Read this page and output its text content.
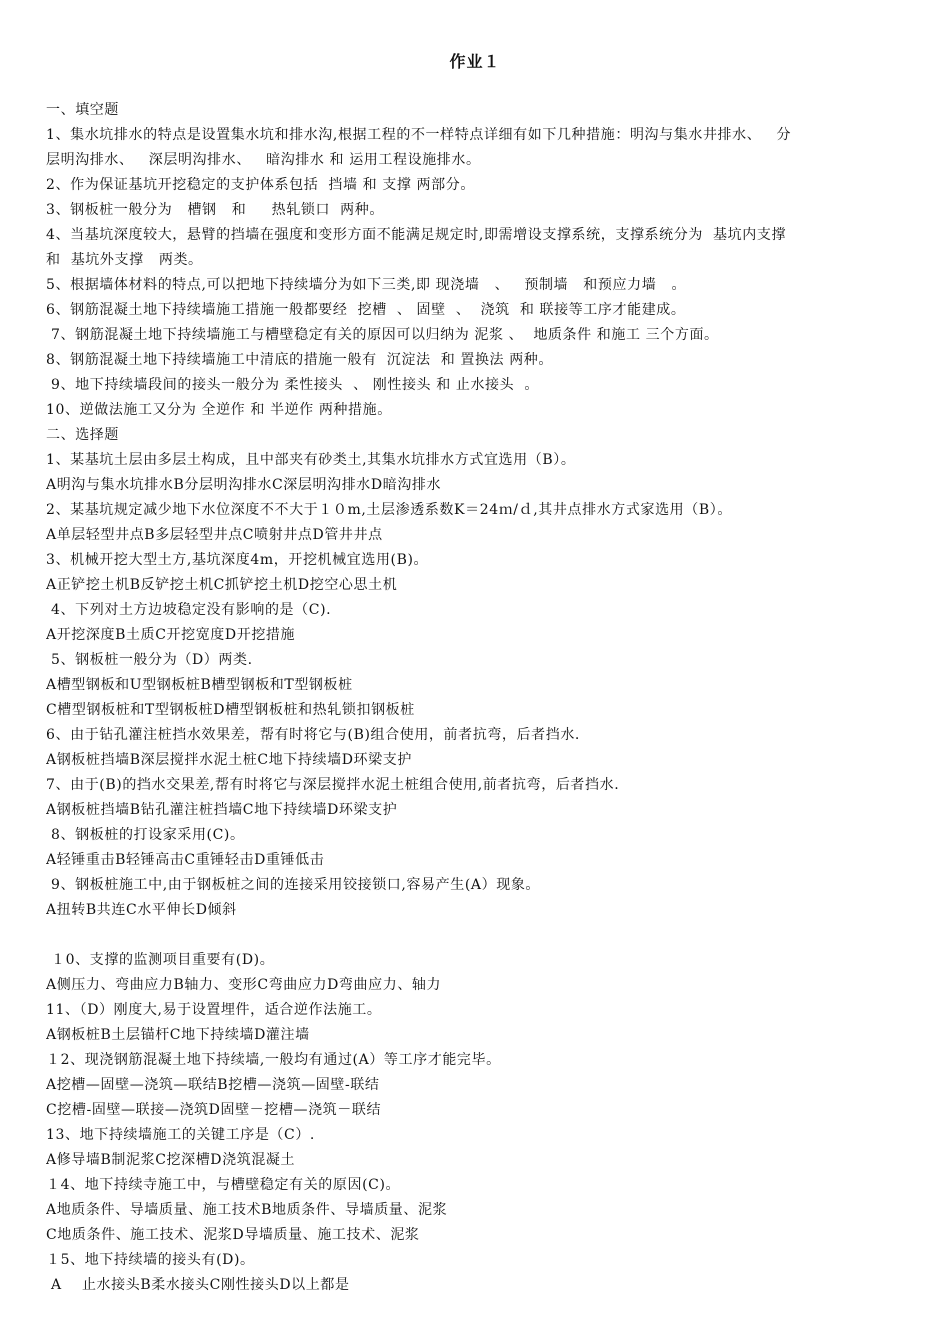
作业１
一、填空题
1、集水坑排水的特点是设置集水坑和排水沟,根据工程的不一样特点详细有如下几种措施：明沟与集水井排水、   分
层明沟排水、   深层明沟排水、   暗沟排水 和 运用工程设施排水。
2、作为保证基坑开挖稳定的支护体系包括  挡墙 和 支撑 两部分。
3、钢板桩一般分为   槽钢   和     热轧锁口  两种。
4、当基坑深度较大，悬臂的挡墙在强度和变形方面不能满足规定时,即需增设支撑系统，支撑系统分为  基坑内支撑
和  基坑外支撑   两类。
5、根据墙体材料的特点,可以把地下持续墙分为如下三类,即 现浇墙   、   预制墙   和预应力墙   。
6、钢筋混凝土地下持续墙施工措施一般都要经  挖槽  、 固壁  、  浇筑  和 联接等工序才能建成。
7、钢筋混凝土地下持续墙施工与槽壁稳定有关的原因可以归纳为 泥浆 、  地质条件 和施工 三个方面。
8、钢筋混凝土地下持续墙施工中清底的措施一般有  沉淀法  和 置换法 两种。
9、地下持续墙段间的接头一般分为 柔性接头  、 刚性接头 和 止水接头  。
10、逆做法施工又分为 全逆作 和 半逆作 两种措施。
二、选择题
1、某基坑土层由多层土构成，且中部夹有砂类土,其集水坑排水方式宜选用（B）。
A明沟与集水坑排水B分层明沟排水C深层明沟排水D暗沟排水
2、某基坑规定减少地下水位深度不不大于１０m,土层渗透系数K＝24ｍ/ｄ,其井点排水方式家选用（B）。
A单层轻型井点B多层轻型井点C喷射井点D管井井点
3、机械开挖大型土方,基坑深度4m，开挖机械宜选用(B)。
A正铲挖土机B反铲挖土机C抓铲挖土机D挖空心思土机
4、下列对土方边坡稳定没有影响的是（C).
A开挖深度B土质C开挖宽度D开挖措施
5、钢板桩一般分为（D）两类.
A槽型钢板和U型钢板桩B槽型钢板和T型钢板桩
C槽型钢板桩和T型钢板桩D槽型钢板桩和热轧锁扣钢板桩
6、由于钻孔灌注桩挡水效果差，帮有时将它与(B)组合使用，前者抗弯，后者挡水.
A钢板桩挡墙B深层搅拌水泥土桩C地下持续墙D环梁支护
7、由于(B)的挡水交果差,帮有时将它与深层搅拌水泥土桩组合使用,前者抗弯，后者挡水.
A钢板桩挡墙B钻孔灌注桩挡墙C地下持续墙D环梁支护
8、钢板桩的打设家采用(C)。
A轻锤重击B轻锤高击C重锤轻击D重锤低击
9、钢板桩施工中,由于钢板桩之间的连接采用铰接锁口,容易产生(A）现象。
A扭转B共连C水平伸长D倾斜
１0、支撑的监测项目重要有(D)。
A侧压力、弯曲应力B轴力、变形C弯曲应力D弯曲应力、轴力
11、（D）刚度大,易于设置埋件，适合逆作法施工。
A钢板桩B土层锚杆C地下持续墙D灌注墙
１2、现浇钢筋混凝土地下持续墙,一般均有通过(A）等工序才能完毕。
A挖槽—固壁—浇筑—联结B挖槽—浇筑—固壁-联结
C挖槽-固壁—联接—浇筑D固壁－挖槽—浇筑－联结
13、地下持续墙施工的关键工序是（C）.
A修导墙B制泥浆C挖深槽D浇筑混凝土
１4、地下持续寺施工中，与槽壁稳定有关的原因(C)。
A地质条件、导墙质量、施工技术B地质条件、导墙质量、泥浆
C地质条件、施工技术、泥浆D导墙质量、施工技术、泥浆
１5、地下持续墙的接头有(D)。
A    止水接头B柔水接头C刚性接头D以上都是
